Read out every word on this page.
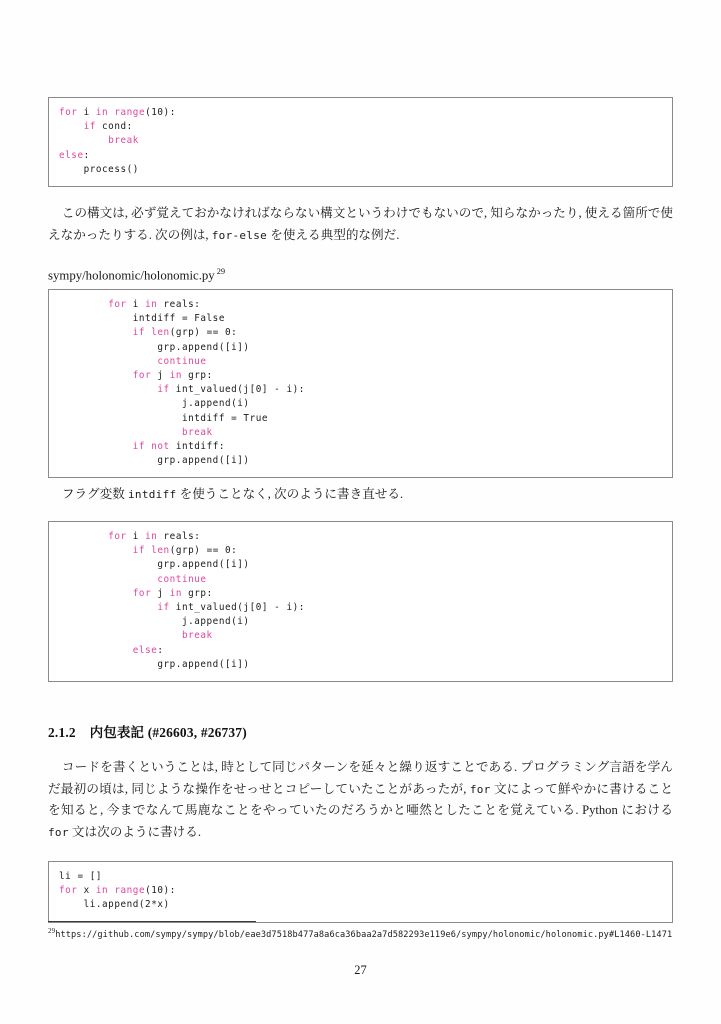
for i in range(10):
if cond:
break
else:
process()

この構文は, 必ず覚えておかなければならない構文というわけでもないので, 知らなかったり, 使える箇所で使えなかったりする. 次の例は, for-else を使える典型的な例だ.

sympy/holonomic/holonomic.py $^{29}$
for i in reals:
intdiff = False
if len(grp) == 0:
grp.append([i])
continue
for j in grp:
if int_valued(j[0] - i):
j.append(i)
intdiff = True
break
if not intdiff:
grp.append([i])

フラグ変数 intdiff を使うことなく, 次のように書き直せる.

for i in reals:
if len(grp) == 0:
grp.append([i])
continue
for j in grp:
if int_valued(j[0] - i):
j.append(i)
break
else:
grp.append([i])
2.1.2 内包表記 (#26603, #26737)

コードを書くということは, 時として同じパターンを延々と繰り返すことである. プログラミング言語を学んだ最初の頃は, 同じような操作をせっせとコピーしていたことがあったが, for 文によって鮮やかに書けることを知ると, 今までなんて馬鹿なことをやっていたのだろうかと唖然としたことを覚えている. Python における for 文は次のように書ける.

li = []
for x in range(10):
li.append(2*x)
$^{29}$https://github.com/sympy/sympy/blob/eae3d7518b477a8a6ca36baa2a7d582293e119e6/sympy/holonomic/holonomic.py#L1460-L1471
27
